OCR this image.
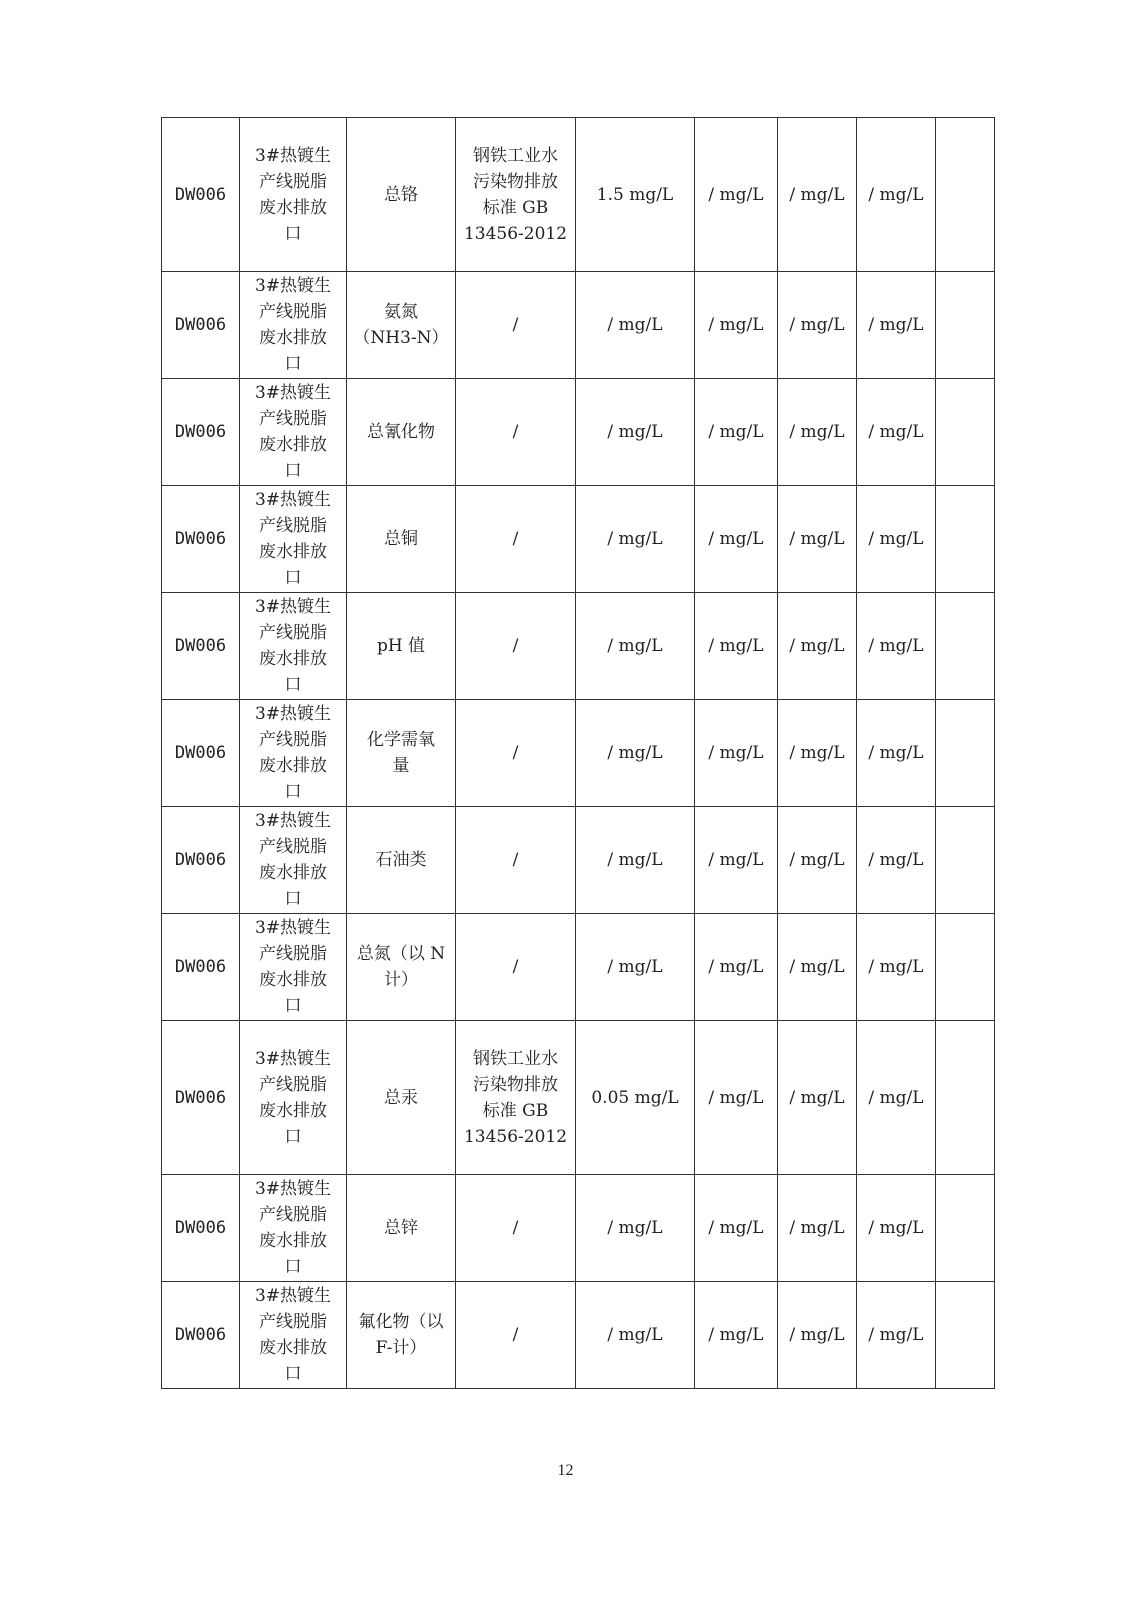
DW006	3#热镀生
产线脱脂
废水排放
口	总铬	钢铁工业水
污染物排放
标准 GB
13456-2012	1.5 mg/L	/ mg/L	/ mg/L	/ mg/L	
DW006	3#热镀生
产线脱脂
废水排放
口	氨氮
（NH3-N）	/	/ mg/L	/ mg/L	/ mg/L	/ mg/L	
DW006	3#热镀生
产线脱脂
废水排放
口	总氰化物	/	/ mg/L	/ mg/L	/ mg/L	/ mg/L	
DW006	3#热镀生
产线脱脂
废水排放
口	总铜	/	/ mg/L	/ mg/L	/ mg/L	/ mg/L	
DW006	3#热镀生
产线脱脂
废水排放
口	pH 值	/	/ mg/L	/ mg/L	/ mg/L	/ mg/L	
DW006	3#热镀生
产线脱脂
废水排放
口	化学需氧
量	/	/ mg/L	/ mg/L	/ mg/L	/ mg/L	
DW006	3#热镀生
产线脱脂
废水排放
口	石油类	/	/ mg/L	/ mg/L	/ mg/L	/ mg/L	
DW006	3#热镀生
产线脱脂
废水排放
口	总氮（以 N
计）	/	/ mg/L	/ mg/L	/ mg/L	/ mg/L	
DW006	3#热镀生
产线脱脂
废水排放
口	总汞	钢铁工业水
污染物排放
标准 GB
13456-2012	0.05 mg/L	/ mg/L	/ mg/L	/ mg/L	
DW006	3#热镀生
产线脱脂
废水排放
口	总锌	/	/ mg/L	/ mg/L	/ mg/L	/ mg/L	
DW006	3#热镀生
产线脱脂
废水排放
口	氟化物（以
F-计）	/	/ mg/L	/ mg/L	/ mg/L	/ mg/L	
12
